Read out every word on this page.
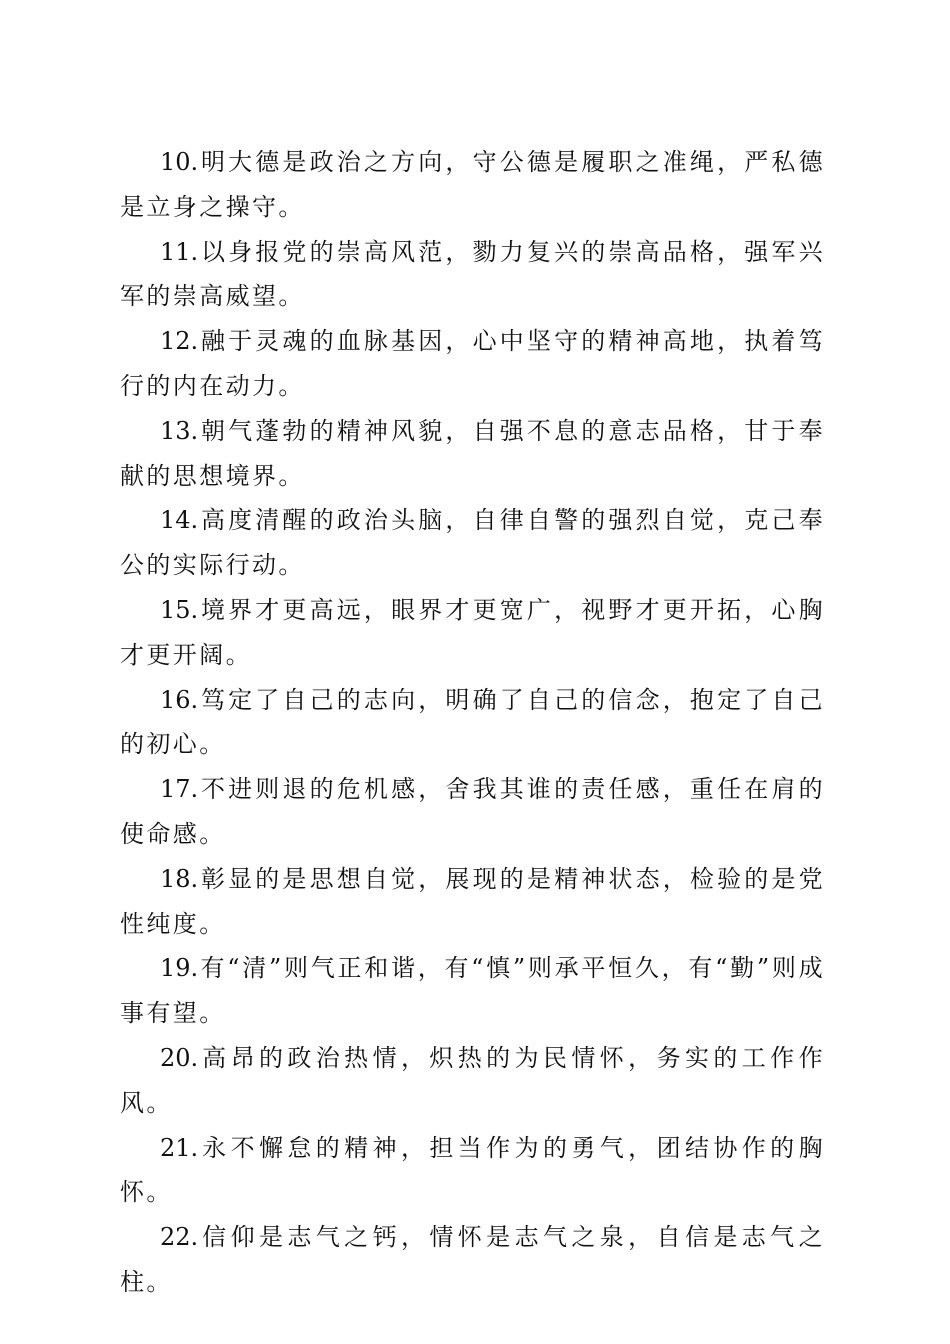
10.明大德是政治之方向，守公德是履职之准绳，严私德是立身之操守。

11.以身报党的崇高风范，勠力复兴的崇高品格，强军兴军的崇高威望。

12.融于灵魂的血脉基因，心中坚守的精神高地，执着笃行的内在动力。

13.朝气蓬勃的精神风貌，自强不息的意志品格，甘于奉献的思想境界。

14.高度清醒的政治头脑，自律自警的强烈自觉，克己奉公的实际行动。

15.境界才更高远，眼界才更宽广，视野才更开拓，心胸才更开阔。

16.笃定了自己的志向，明确了自己的信念，抱定了自己的初心。

17.不进则退的危机感，舍我其谁的责任感，重任在肩的使命感。

18.彰显的是思想自觉，展现的是精神状态，检验的是党性纯度。

19.有“清”则气正和谐，有“慎”则承平恒久，有“勤”则成事有望。

20.高昂的政治热情，炽热的为民情怀，务实的工作作风。

21.永不懈怠的精神，担当作为的勇气，团结协作的胸怀。

22.信仰是志气之钙，情怀是志气之泉，自信是志气之柱。
